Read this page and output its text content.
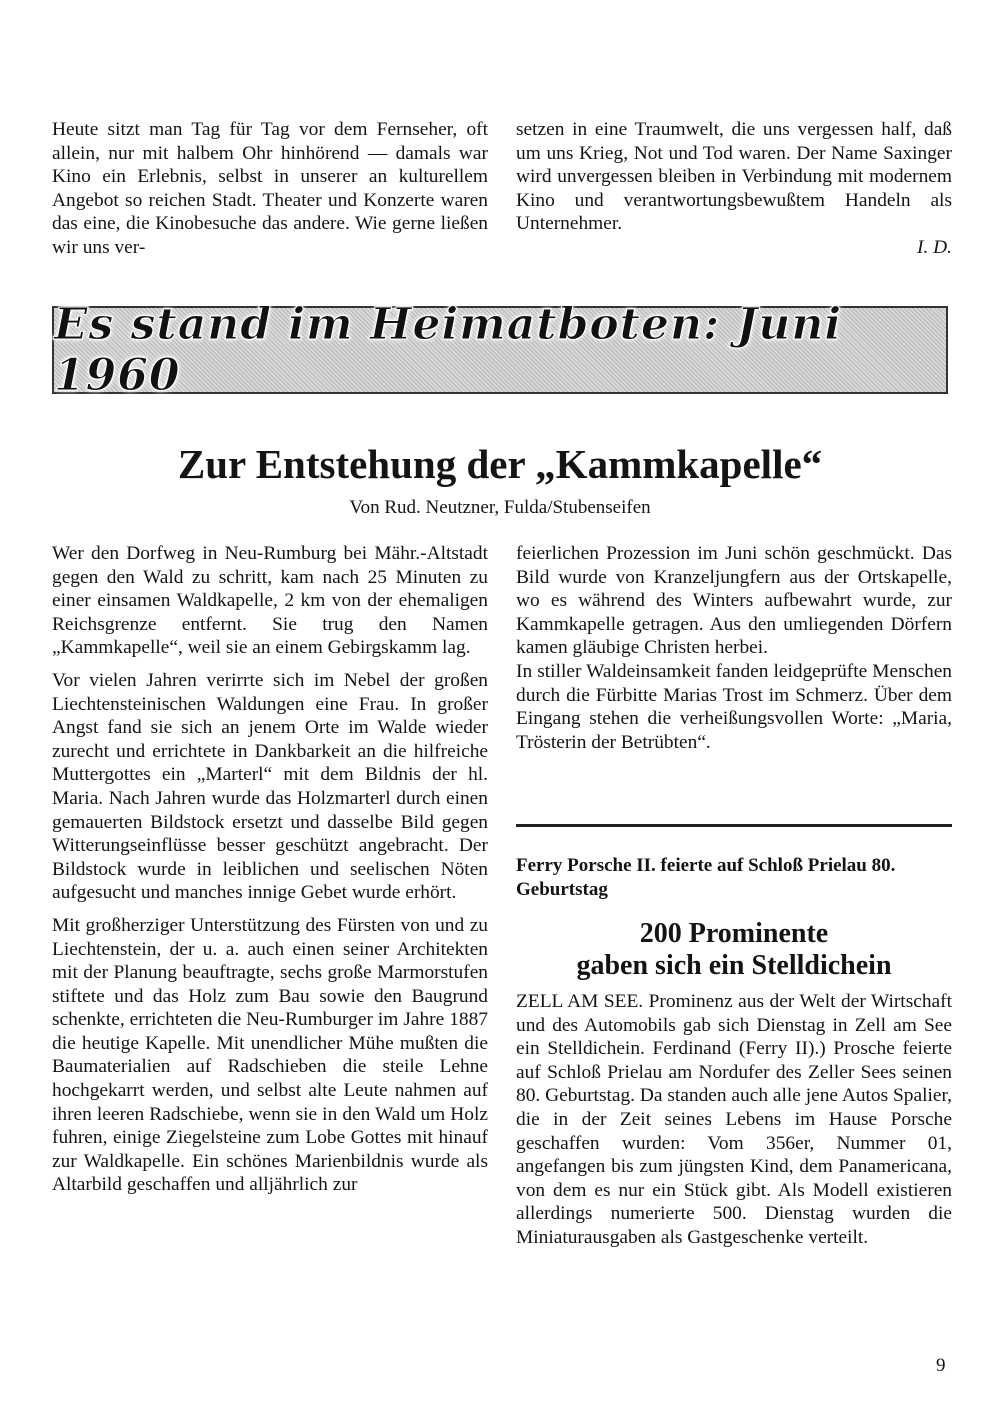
Heute sitzt man Tag für Tag vor dem Fernseher, oft allein, nur mit halbem Ohr hinhörend — damals war Kino ein Erlebnis, selbst in unserer an kulturellem Angebot so reichen Stadt. Theater und Konzerte waren das eine, die Kinobesuche das andere. Wie gerne ließen wir uns ver-

setzen in eine Traumwelt, die uns vergessen half, daß um uns Krieg, Not und Tod waren. Der Name Saxinger wird unvergessen bleiben in Verbindung mit modernem Kino und verantwortungsbewußtem Handeln als Unternehmer.

I. D.

Es stand im Heimatboten: Juni 1960
Zur Entstehung der „Kammkapelle“
Von Rud. Neutzner, Fulda/Stubenseifen

Wer den Dorfweg in Neu-Rumburg bei Mähr.-Altstadt gegen den Wald zu schritt, kam nach 25 Minuten zu einer einsamen Waldkapelle, 2 km von der ehemaligen Reichsgrenze entfernt. Sie trug den Namen „Kammkapelle“, weil sie an einem Gebirgskamm lag.

Vor vielen Jahren verirrte sich im Nebel der großen Liechtensteinischen Waldungen eine Frau. In großer Angst fand sie sich an jenem Orte im Walde wieder zurecht und errichtete in Dankbarkeit an die hilfreiche Muttergottes ein „Marterl“ mit dem Bildnis der hl. Maria. Nach Jahren wurde das Holzmarterl durch einen gemauerten Bildstock ersetzt und dasselbe Bild gegen Witterungseinflüsse besser geschützt angebracht. Der Bildstock wurde in leiblichen und seelischen Nöten aufgesucht und manches innige Gebet wurde erhört.

Mit großherziger Unterstützung des Fürsten von und zu Liechtenstein, der u. a. auch einen seiner Architekten mit der Planung beauftragte, sechs große Marmorstufen stiftete und das Holz zum Bau sowie den Baugrund schenkte, errichteten die Neu-Rumburger im Jahre 1887 die heutige Kapelle. Mit unendlicher Mühe mußten die Baumaterialien auf Radschieben die steile Lehne hochgekarrt werden, und selbst alte Leute nahmen auf ihren leeren Radschiebe, wenn sie in den Wald um Holz fuhren, einige Ziegelsteine zum Lobe Gottes mit hinauf zur Waldkapelle. Ein schönes Marienbildnis wurde als Altarbild geschaffen und alljährlich zur

feierlichen Prozession im Juni schön geschmückt. Das Bild wurde von Kranzeljungfern aus der Ortskapelle, wo es während des Winters aufbewahrt wurde, zur Kammkapelle getragen. Aus den umliegenden Dörfern kamen gläubige Christen herbei.

In stiller Waldeinsamkeit fanden leidgeprüfte Menschen durch die Fürbitte Marias Trost im Schmerz. Über dem Eingang stehen die verheißungsvollen Worte: „Maria, Trösterin der Betrübten“.

Ferry Porsche II. feierte auf Schloß Prielau 80. Geburtstag
200 Prominente
gaben sich ein Stelldichein
ZELL AM SEE. Prominenz aus der Welt der Wirtschaft und des Automobils gab sich Dienstag in Zell am See ein Stelldichein. Ferdinand (Ferry II).) Prosche feierte auf Schloß Prielau am Nordufer des Zeller Sees seinen 80. Geburtstag. Da standen auch alle jene Autos Spalier, die in der Zeit seines Lebens im Hause Porsche geschaffen wurden: Vom 356er, Nummer 01, angefangen bis zum jüngsten Kind, dem Panamericana, von dem es nur ein Stück gibt. Als Modell existieren allerdings numerierte 500. Dienstag wurden die Miniaturausgaben als Gastgeschenke verteilt.
9
